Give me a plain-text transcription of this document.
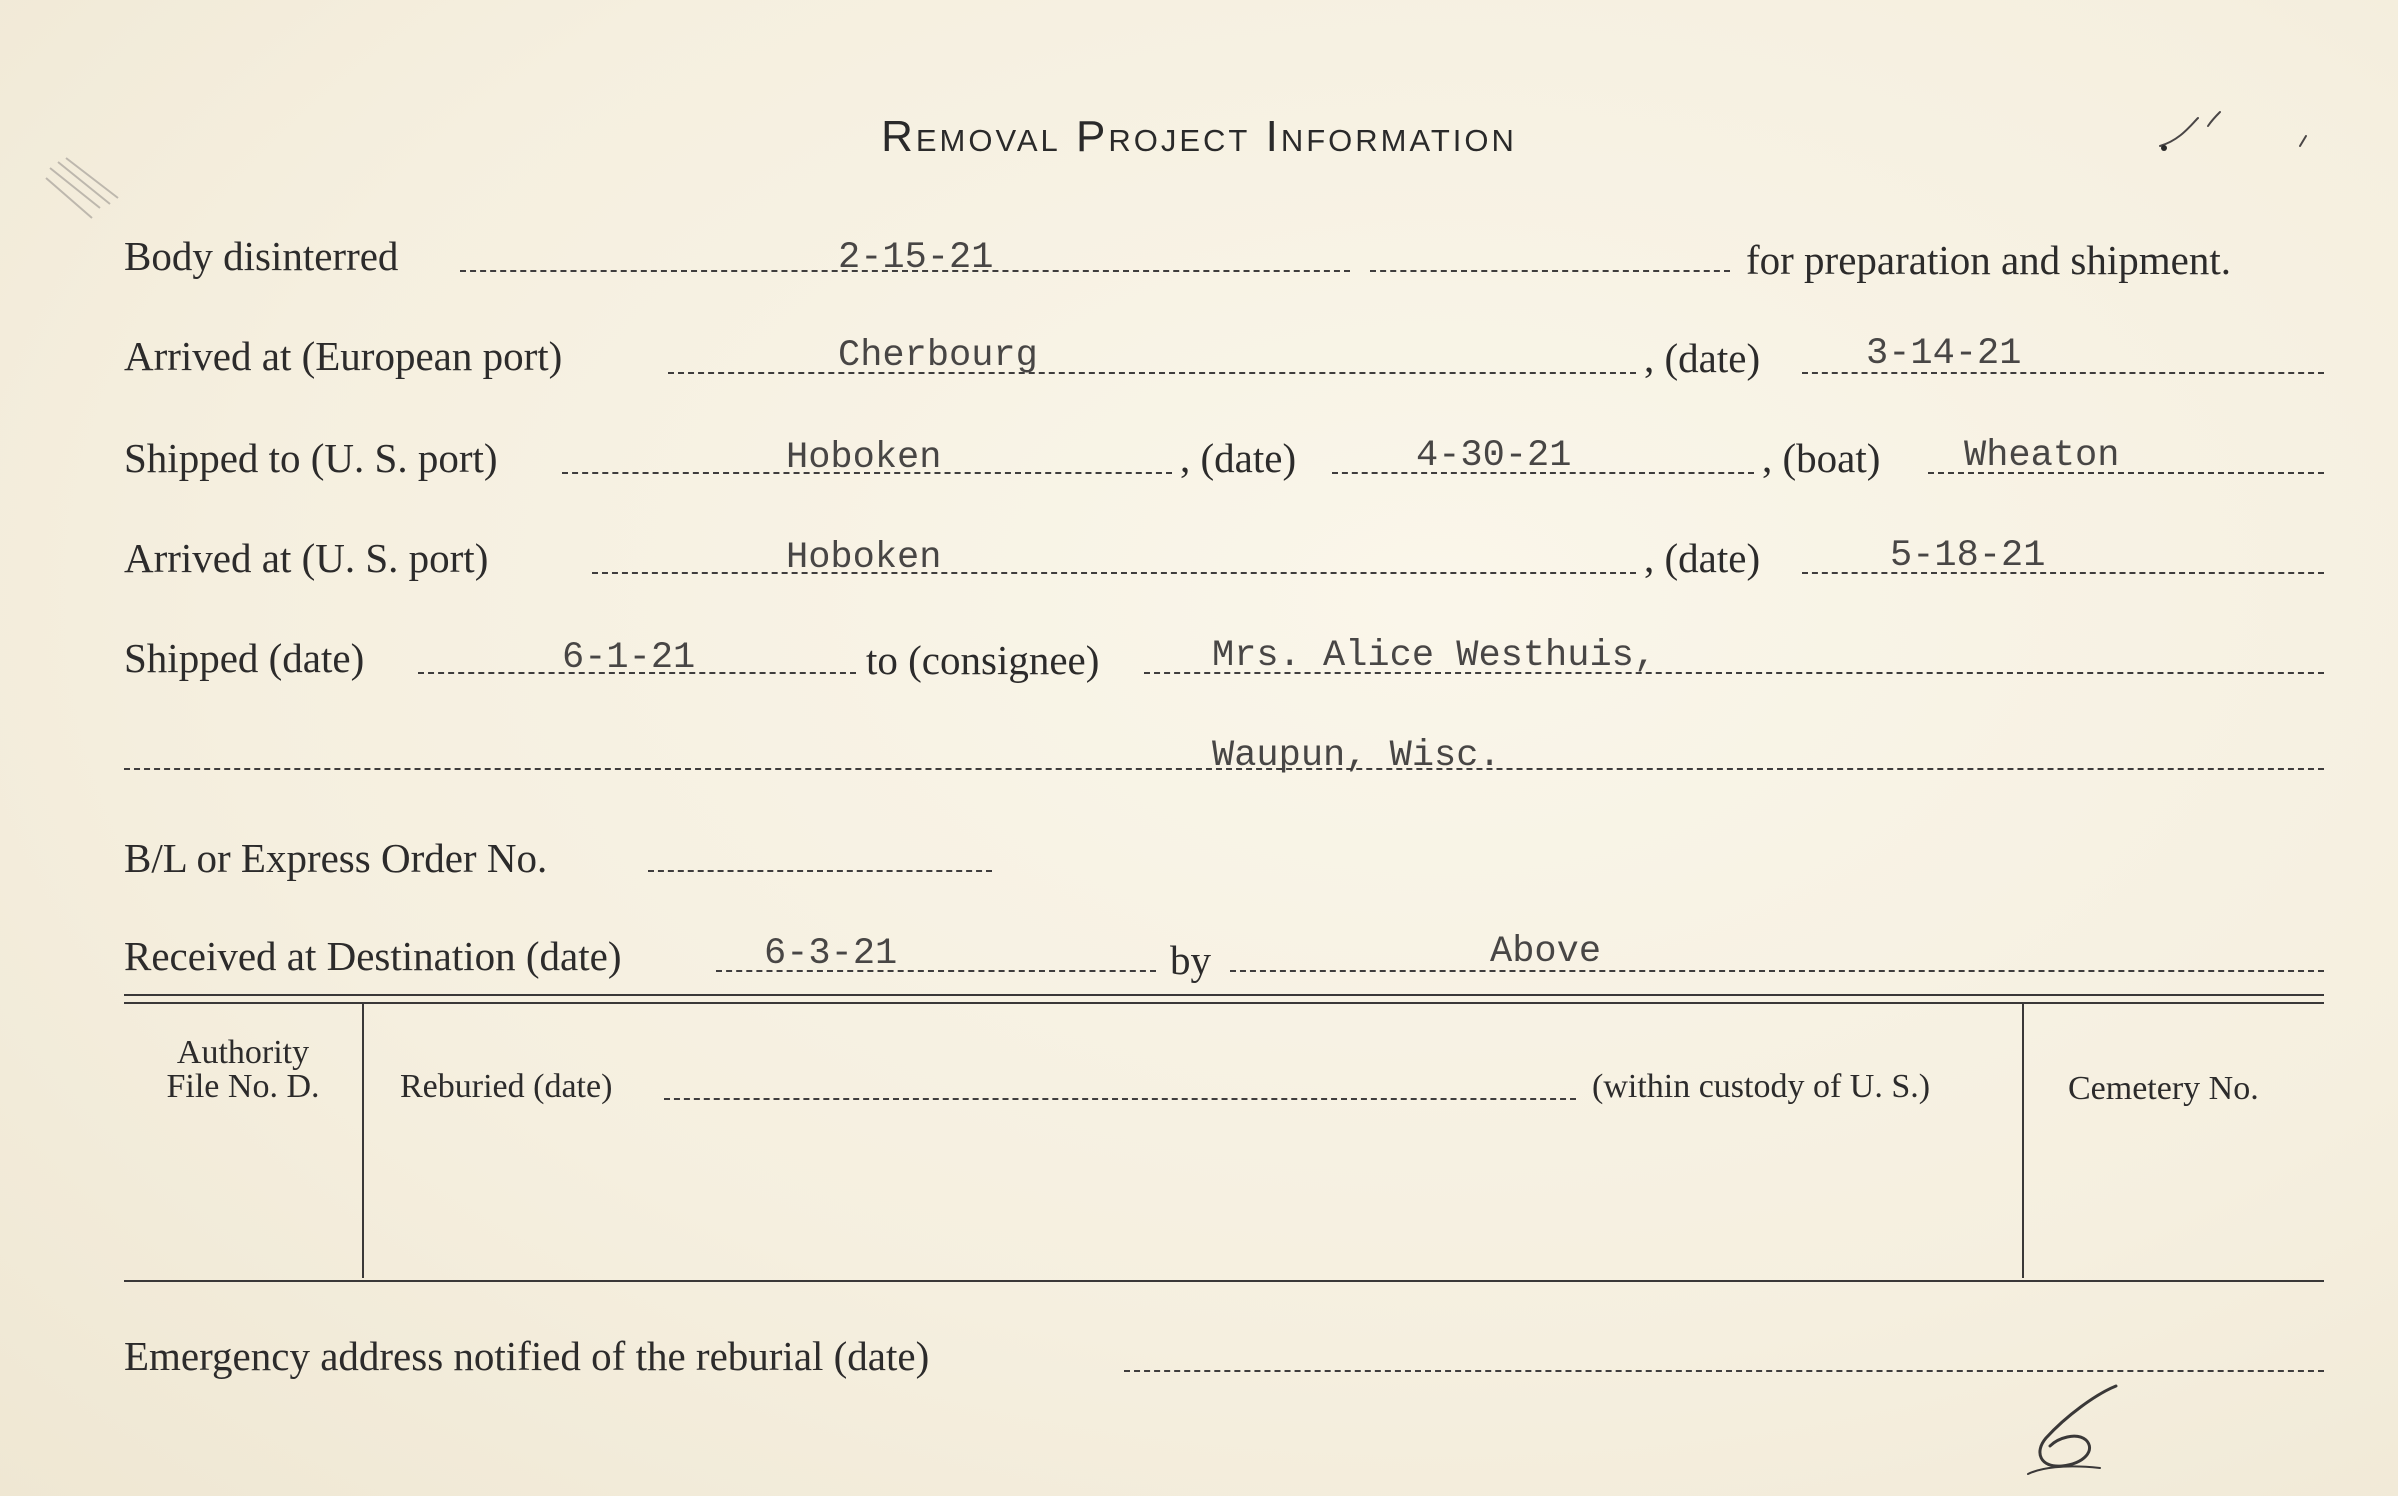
Removal Project Information
Body disinterred	2-15-21	for preparation and shipment.
Arrived at (European port)	Cherbourg	, (date)	3-14-21
Shipped to (U. S. port)	Hoboken	, (date)	4-30-21	, (boat) Wheaton
Arrived at (U. S. port)	Hoboken	, (date)	5-18-21
Shipped (date)	6-1-21	to (consignee)	Mrs. Alice Westhuis,
Waupun, Wisc.
B/L or Express Order No.
Received at Destination (date)	6-3-21	by	Above
Authority
File No. D.	Reburied (date)	(within custody of U. S.)	Cemetery No.
Emergency address notified of the reburial (date)
